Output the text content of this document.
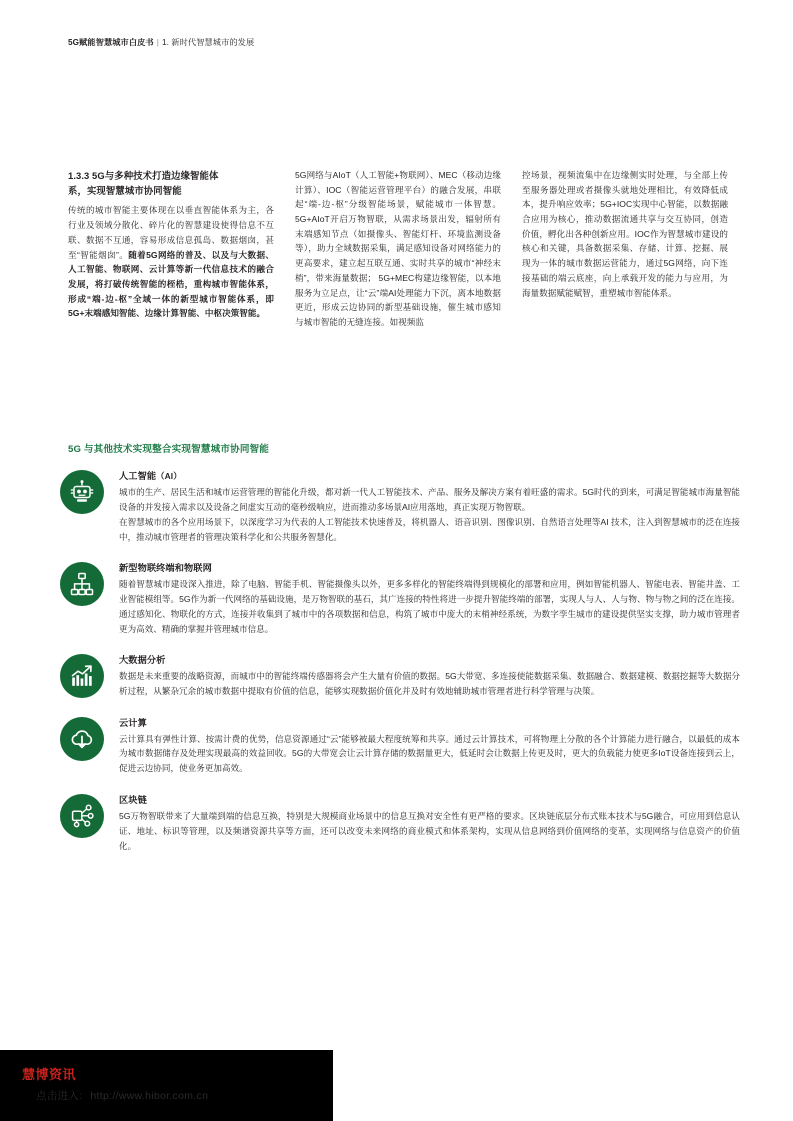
5G赋能智慧城市白皮书 | 1. 新时代智慧城市的发展
1.3.3 5G与多种技术打造边缘智能体
系，实现智慧城市协同智能

传统的城市智能主要体现在以垂直智能体系为主，各行业及领域分散化、碎片化的智慧建设使得信息不互联、数据不互通，容易形成信息孤岛、数据烟囱，甚至“智能烟囱”。随着5G网络的普及、以及与大数据、人工智能、物联网、云计算等新一代信息技术的融合发展，将打破传统智能的桎梏，重构城市智能体系，形成“端-边-枢”全域一体的新型城市智能体系，即5G+末端感知智能、边缘计算智能、中枢决策智能。

5G网络与AIoT（人工智能+物联网）、MEC（移动边缘计算）、IOC（智能运营管理平台）的融合发展，串联起“端-边-枢”分级智能场景，赋能城市一体智慧。5G+AIoT开启万物智联，从需求场景出发，辐射所有末端感知节点（如摄像头、智能灯杆、环境监测设备等），助力全域数据采集，满足感知设备对网络能力的更高要求，建立起互联互通、实时共享的城市“神经末梢”，带来海量数据； 5G+MEC构建边缘智能，以本地服务为立足点，让“云”端AI处理能力下沉，离本地数据更近，形成云边协同的新型基础设施，催生城市感知与城市智能的无缝连接。如视频监

控场景，视频流集中在边缘侧实时处理，与全部上传至服务器处理或者摄像头就地处理相比，有效降低成本，提升响应效率；5G+IOC实现中心智能，以数据融合应用为核心，推动数据流通共享与交互协同，创造价值，孵化出各种创新应用。IOC作为智慧城市建设的核心和关键，具备数据采集、存储、计算、挖掘、展现为一体的城市数据运营能力，通过5G网络，向下连接基础的端云底座，向上承载开发的能力与应用，为海量数据赋能赋智，重塑城市智能体系。

5G 与其他技术实现整合实现智慧城市协同智能
人工智能（AI）

城市的生产、居民生活和城市运营管理的智能化升级，都对新一代人工智能技术、产品、服务及解决方案有着旺盛的需求。5G时代的到来，可满足智能城市海量智能设备的并发接入需求以及设备之间虚实互动的毫秒级响应，进而推动多场景AI应用落地，真正实现万物智联。

在智慧城市的各个应用场景下，以深度学习为代表的人工智能技术快速普及，将机器人、语音识别、图像识别、自然语言处理等AI 技术，注入到智慧城市的泛在连接中，推动城市管理者的管理决策科学化和公共服务智慧化。

新型物联终端和物联网

随着智慧城市建设深入推进，除了电脑、智能手机、智能摄像头以外，更多多样化的智能终端得到规模化的部署和应用，例如智能机器人、智能电表、智能井盖、工业智能模组等。5G作为新一代网络的基础设施，是万物智联的基石，其广连接的特性将进一步提升智能终端的部署，实现人与人、人与物、物与物之间的泛在连接。通过感知化、物联化的方式，连接并收集到了城市中的各项数据和信息，构筑了城市中庞大的末梢神经系统，为数字孪生城市的建设提供坚实支撑，助力城市管理者更为高效、精确的掌握并管理城市信息。

大数据分析

数据是未来重要的战略资源，而城市中的智能终端传感器将会产生大量有价值的数据。5G大带宽、多连接使能数据采集、数据融合、数据建模、数据挖掘等大数据分析过程，从繁杂冗余的城市数据中提取有价值的信息，能够实现数据价值化并及时有效地辅助城市管理者进行科学管理与决策。

云计算

云计算具有弹性计算、按需计费的优势，信息资源通过“云”能够被最大程度统筹和共享。通过云计算技术，可将物理上分散的各个计算能力进行融合，以最低的成本为城市数据储存及处理实现最高的效益回收。5G的大带宽会让云计算存储的数据量更大，低延时会让数据上传更及时，更大的负载能力使更多IoT设备连接到云上，促进云边协同，使业务更加高效。

区块链

5G万物智联带来了大量端到端的信息互换，特别是大规模商业场景中的信息互换对安全性有更严格的要求。区块链底层分布式账本技术与5G融合，可应用到信息认证、地址、标识等管理，以及频谱资源共享等方面，还可以改变未来网络的商业模式和体系架构，实现从信息网络到价值网络的变革，实现网络与信息资产的价值化。

慧博资讯
点击进入: http://www.hibor.com.cn
